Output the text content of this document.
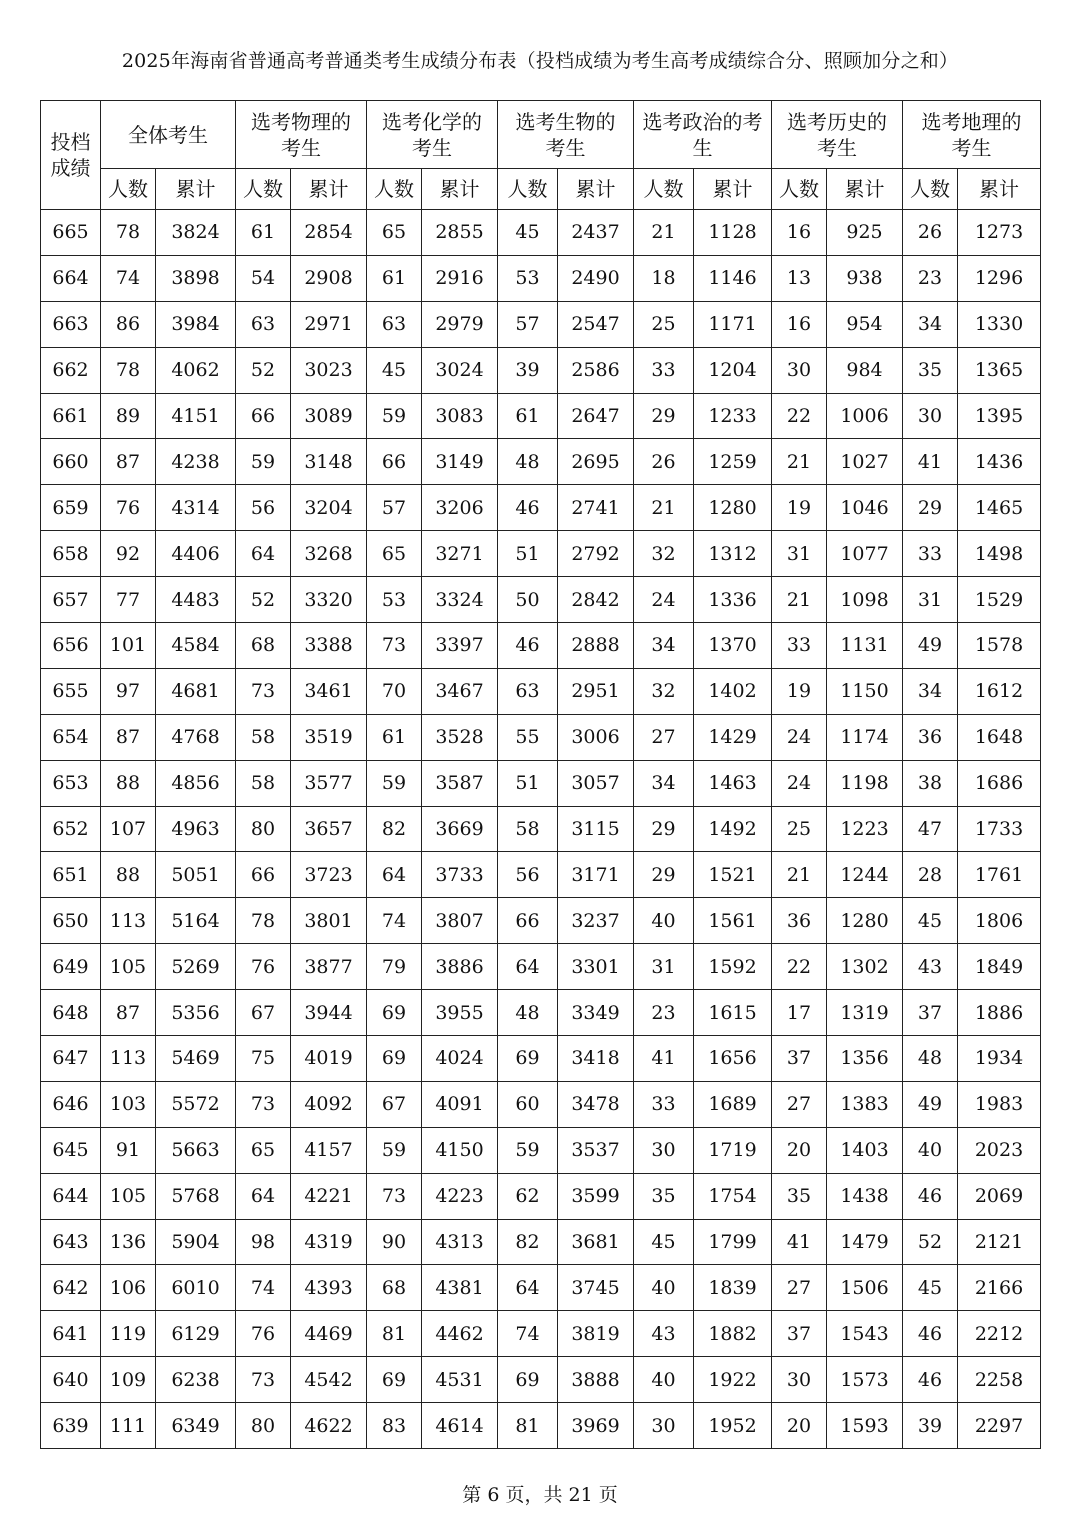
2025年海南省普通高考普通类考生成绩分布表（投档成绩为考生高考成绩综合分、照顾加分之和）
投档成绩	全体考生		选考物理的考生		选考化学的考生		选考生物的考生		选考政治的考生		选考历史的考生		选考地理的考生	
	人数	累计	人数	累计	人数	累计	人数	累计	人数	累计	人数	累计	人数	累计
665	78	3824	61	2854	65	2855	45	2437	21	1128	16	925	26	1273
664	74	3898	54	2908	61	2916	53	2490	18	1146	13	938	23	1296
663	86	3984	63	2971	63	2979	57	2547	25	1171	16	954	34	1330
662	78	4062	52	3023	45	3024	39	2586	33	1204	30	984	35	1365
661	89	4151	66	3089	59	3083	61	2647	29	1233	22	1006	30	1395
660	87	4238	59	3148	66	3149	48	2695	26	1259	21	1027	41	1436
659	76	4314	56	3204	57	3206	46	2741	21	1280	19	1046	29	1465
658	92	4406	64	3268	65	3271	51	2792	32	1312	31	1077	33	1498
657	77	4483	52	3320	53	3324	50	2842	24	1336	21	1098	31	1529
656	101	4584	68	3388	73	3397	46	2888	34	1370	33	1131	49	1578
655	97	4681	73	3461	70	3467	63	2951	32	1402	19	1150	34	1612
654	87	4768	58	3519	61	3528	55	3006	27	1429	24	1174	36	1648
653	88	4856	58	3577	59	3587	51	3057	34	1463	24	1198	38	1686
652	107	4963	80	3657	82	3669	58	3115	29	1492	25	1223	47	1733
651	88	5051	66	3723	64	3733	56	3171	29	1521	21	1244	28	1761
650	113	5164	78	3801	74	3807	66	3237	40	1561	36	1280	45	1806
649	105	5269	76	3877	79	3886	64	3301	31	1592	22	1302	43	1849
648	87	5356	67	3944	69	3955	48	3349	23	1615	17	1319	37	1886
647	113	5469	75	4019	69	4024	69	3418	41	1656	37	1356	48	1934
646	103	5572	73	4092	67	4091	60	3478	33	1689	27	1383	49	1983
645	91	5663	65	4157	59	4150	59	3537	30	1719	20	1403	40	2023
644	105	5768	64	4221	73	4223	62	3599	35	1754	35	1438	46	2069
643	136	5904	98	4319	90	4313	82	3681	45	1799	41	1479	52	2121
642	106	6010	74	4393	68	4381	64	3745	40	1839	27	1506	45	2166
641	119	6129	76	4469	81	4462	74	3819	43	1882	37	1543	46	2212
640	109	6238	73	4542	69	4531	69	3888	40	1922	30	1573	46	2258
639	111	6349	80	4622	83	4614	81	3969	30	1952	20	1593	39	2297
第 6 页，共 21 页
